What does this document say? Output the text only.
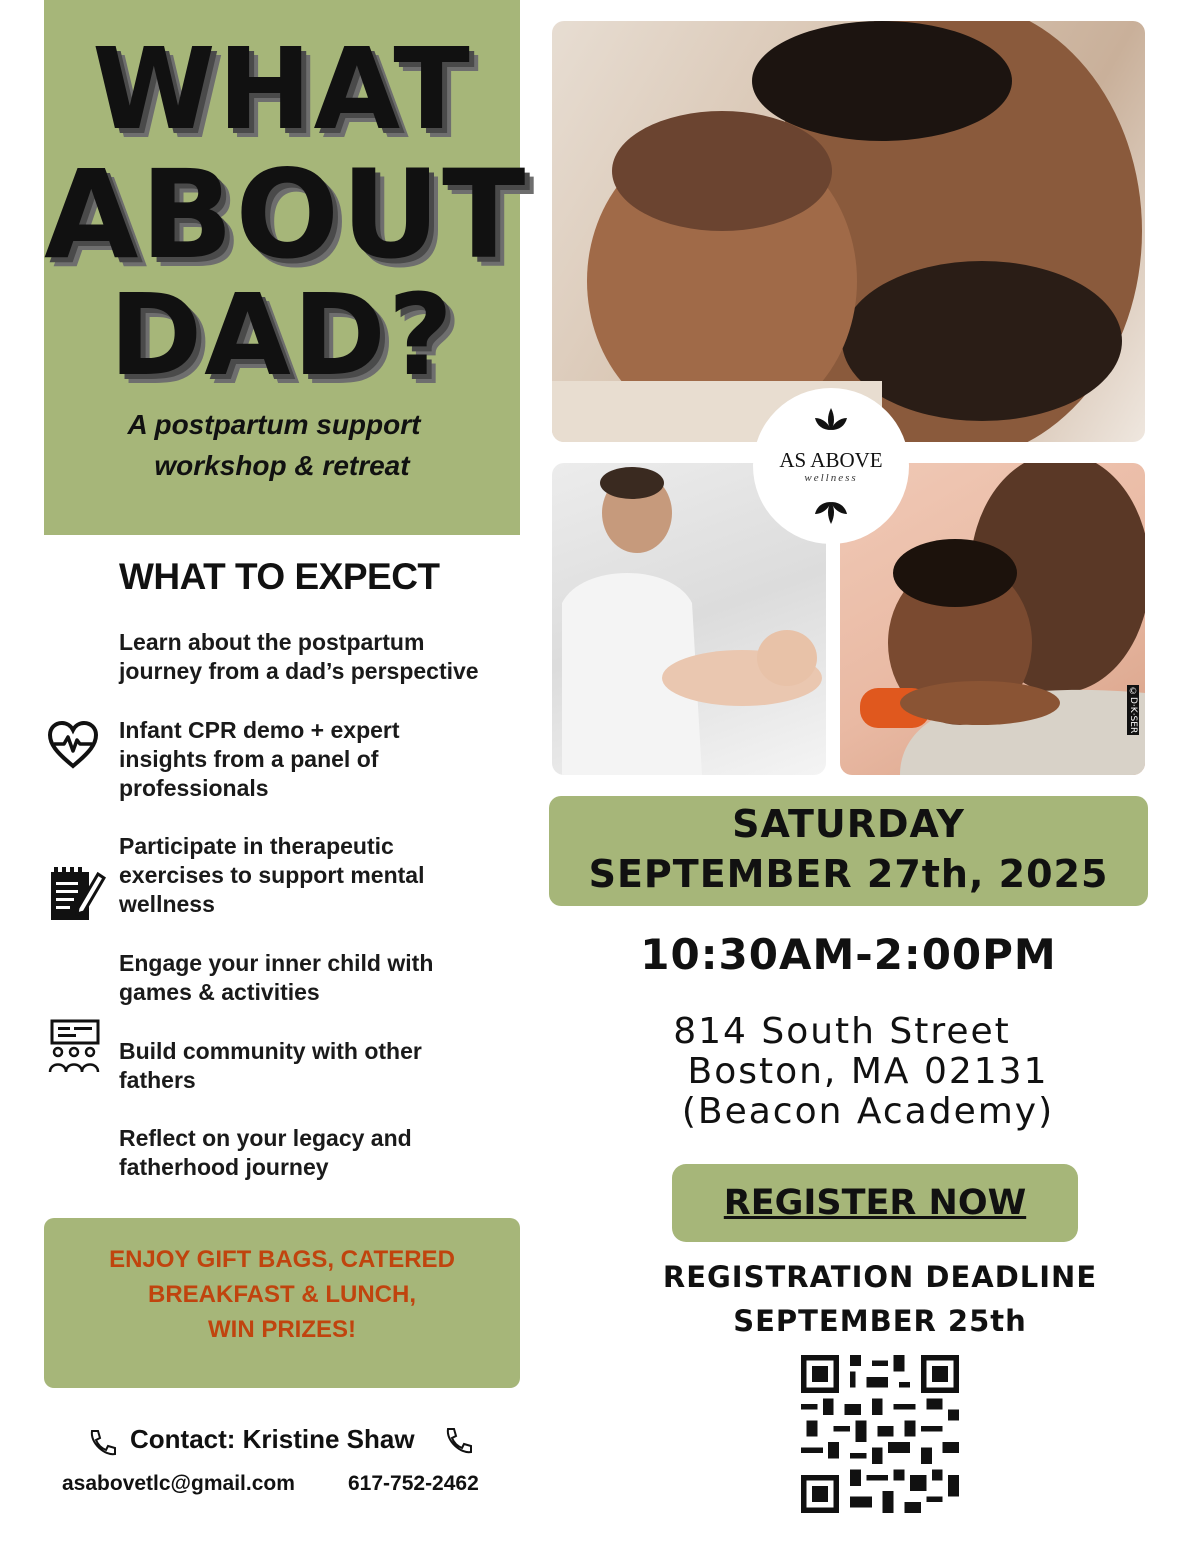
WHAT
ABOUT
DAD?
A postpartum support
workshop & retreat
WHAT TO EXPECT
Learn about the postpartum
journey from a dad’s perspective
Infant CPR demo + expert
insights from a panel of
professionals
Participate in therapeutic
exercises to support mental
wellness
Engage your inner child with
games & activities
Build community with other
fathers
Reflect on your legacy and
fatherhood journey
ENJOY GIFT BAGS, CATERED
BREAKFAST & LUNCH,
WIN PRIZES!
Contact: Kristine Shaw
asabovetlc@gmail.com	617-752-2462
©D·K·SER
AS ABOVE
wellness
SATURDAY
SEPTEMBER 27th, 2025
10:30AM-2:00PM
814 South Street
Boston, MA 02131
(Beacon Academy)
REGISTER NOW
REGISTRATION DEADLINE
SEPTEMBER 25th
